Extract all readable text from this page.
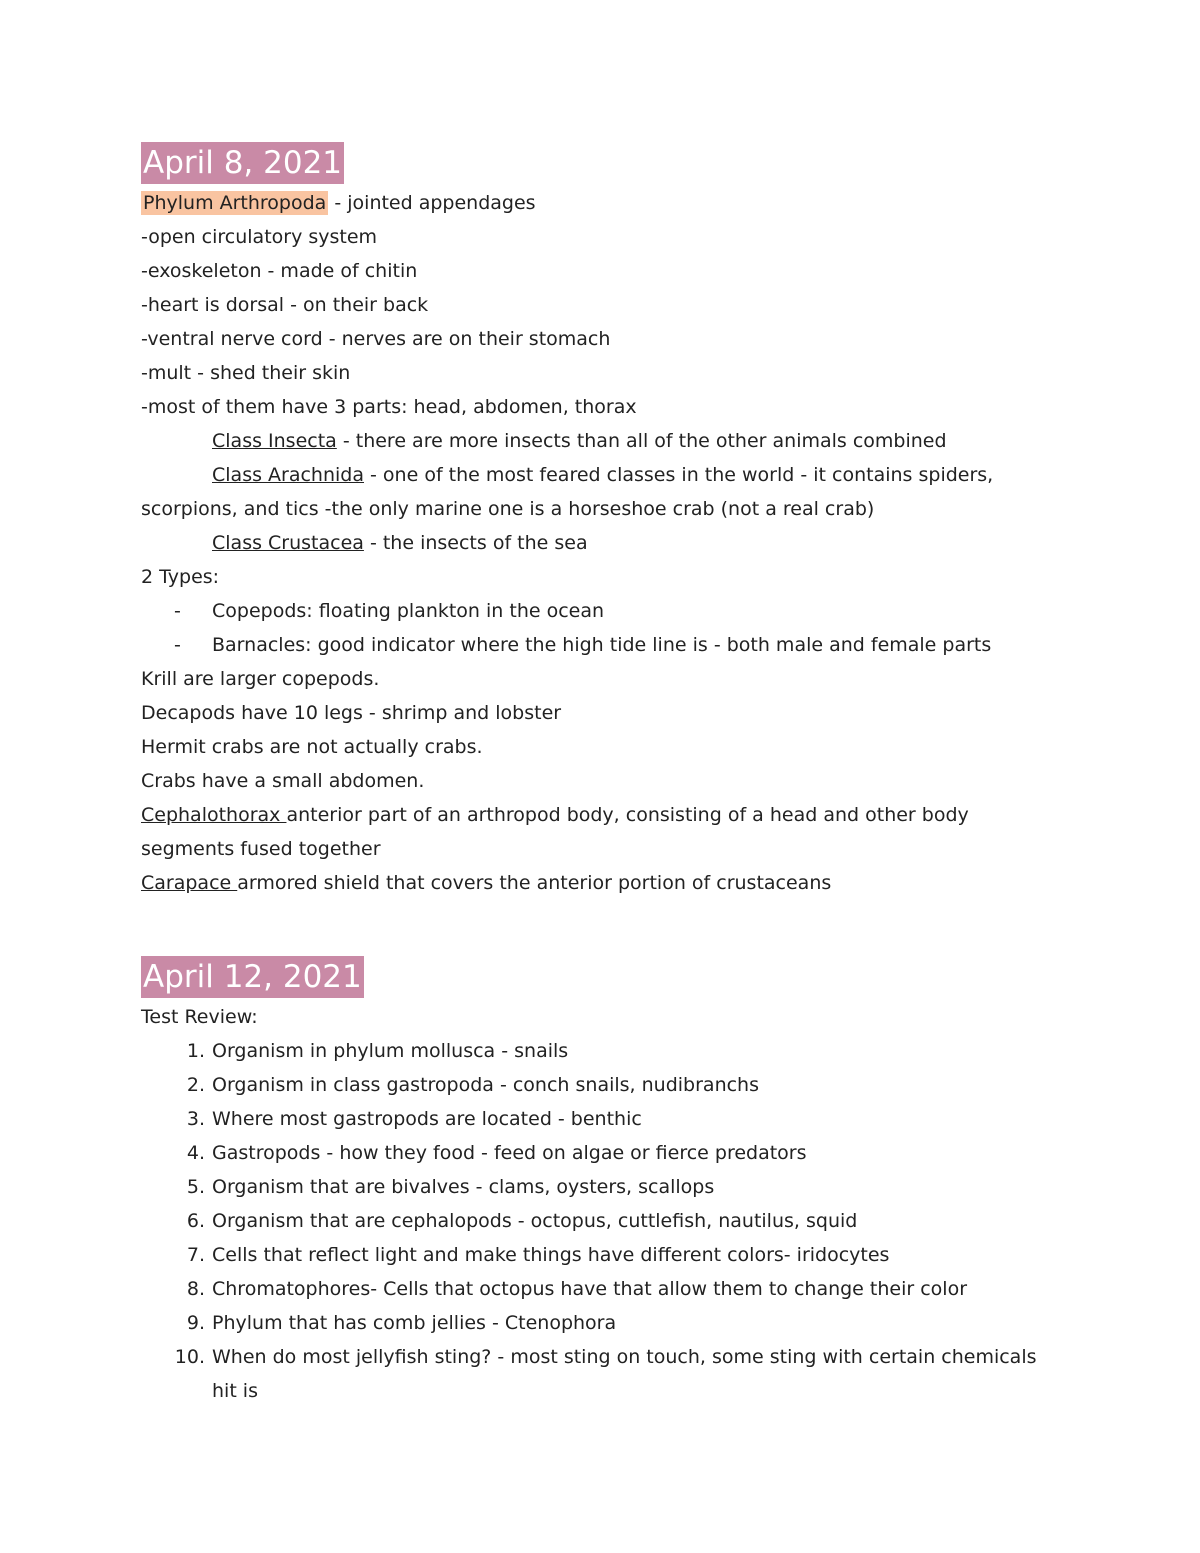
April 8, 2021
Phylum Arthropoda - jointed appendages
-open circulatory system
-exoskeleton - made of chitin
-heart is dorsal - on their back
-ventral nerve cord - nerves are on their stomach
-mult - shed their skin
-most of them have 3 parts: head, abdomen, thorax
Class Insecta - there are more insects than all of the other animals combined
Class Arachnida - one of the most feared classes in the world - it contains spiders,
scorpions, and tics -the only marine one is a horseshoe crab (not a real crab)
Class Crustacea - the insects of the sea
2 Types:
- Copepods: floating plankton in the ocean
- Barnacles: good indicator where the high tide line is - both male and female parts
Krill are larger copepods.
Decapods have 10 legs - shrimp and lobster
Hermit crabs are not actually crabs.
Crabs have a small abdomen.
Cephalothorax anterior part of an arthropod body, consisting of a head and other body
segments fused together
Carapace armored shield that covers the anterior portion of crustaceans
April 12, 2021
Test Review:
1. Organism in phylum mollusca - snails
2. Organism in class gastropoda - conch snails, nudibranchs
3. Where most gastropods are located - benthic
4. Gastropods - how they food - feed on algae or fierce predators
5. Organism that are bivalves - clams, oysters, scallops
6. Organism that are cephalopods - octopus, cuttlefish, nautilus, squid
7. Cells that reflect light and make things have different colors- iridocytes
8. Chromatophores- Cells that octopus have that allow them to change their color
9. Phylum that has comb jellies - Ctenophora
10. When do most jellyfish sting? - most sting on touch, some sting with certain chemicals hit is
